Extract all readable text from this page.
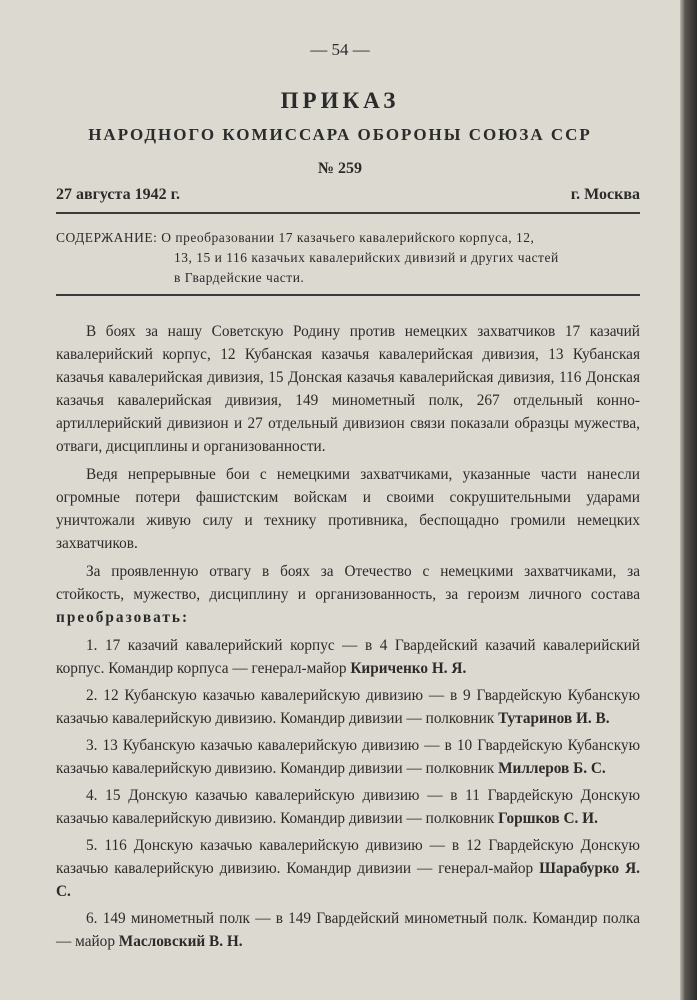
— 54 —
ПРИКАЗ
НАРОДНОГО КОМИССАРА ОБОРОНЫ СОЮЗА ССР
№ 259
27 августа 1942 г.	г. Москва
СОДЕРЖАНИЕ: О преобразовании 17 казачьего кавалерийского корпуса, 12,
13, 15 и 116 казачьих кавалерийских дивизий и других частей
в Гвардейские части.

В боях за нашу Советскую Родину против немецких захватчиков 17 казачий кавалерийский корпус, 12 Кубанская казачья кавалерийская дивизия, 13 Кубанская казачья кавалерийская дивизия, 15 Донская казачья кавалерийская дивизия, 116 Донская казачья кавалерийская дивизия, 149 минометный полк, 267 отдельный конно-артиллерийский дивизион и 27 отдельный дивизион связи показали образцы мужества, отваги, дисциплины и организованности.

Ведя непрерывные бои с немецкими захватчиками, указанные части нанесли огромные потери фашистским войскам и своими сокрушительными ударами уничтожали живую силу и технику противника, беспощадно громили немецких захватчиков.

За проявленную отвагу в боях за Отечество с немецкими захватчиками, за стойкость, мужество, дисциплину и организованность, за героизм личного состава преобразовать:

1. 17 казачий кавалерийский корпус — в 4 Гвардейский казачий кавалерийский корпус. Командир корпуса — генерал-майор Кириченко Н. Я.
2. 12 Кубанскую казачью кавалерийскую дивизию — в 9 Гвардейскую Кубанскую казачью кавалерийскую дивизию. Командир дивизии — полковник Тутаринов И. В.
3. 13 Кубанскую казачью кавалерийскую дивизию — в 10 Гвардейскую Кубанскую казачью кавалерийскую дивизию. Командир дивизии — полковник Миллеров Б. С.
4. 15 Донскую казачью кавалерийскую дивизию — в 11 Гвардейскую Донскую казачью кавалерийскую дивизию. Командир дивизии — полковник Горшков С. И.
5. 116 Донскую казачью кавалерийскую дивизию — в 12 Гвардейскую Донскую казачью кавалерийскую дивизию. Командир дивизии — генерал-майор Шарабурко Я. С.
6. 149 минометный полк — в 149 Гвардейский минометный полк. Командир полка — майор Масловский В. Н.
